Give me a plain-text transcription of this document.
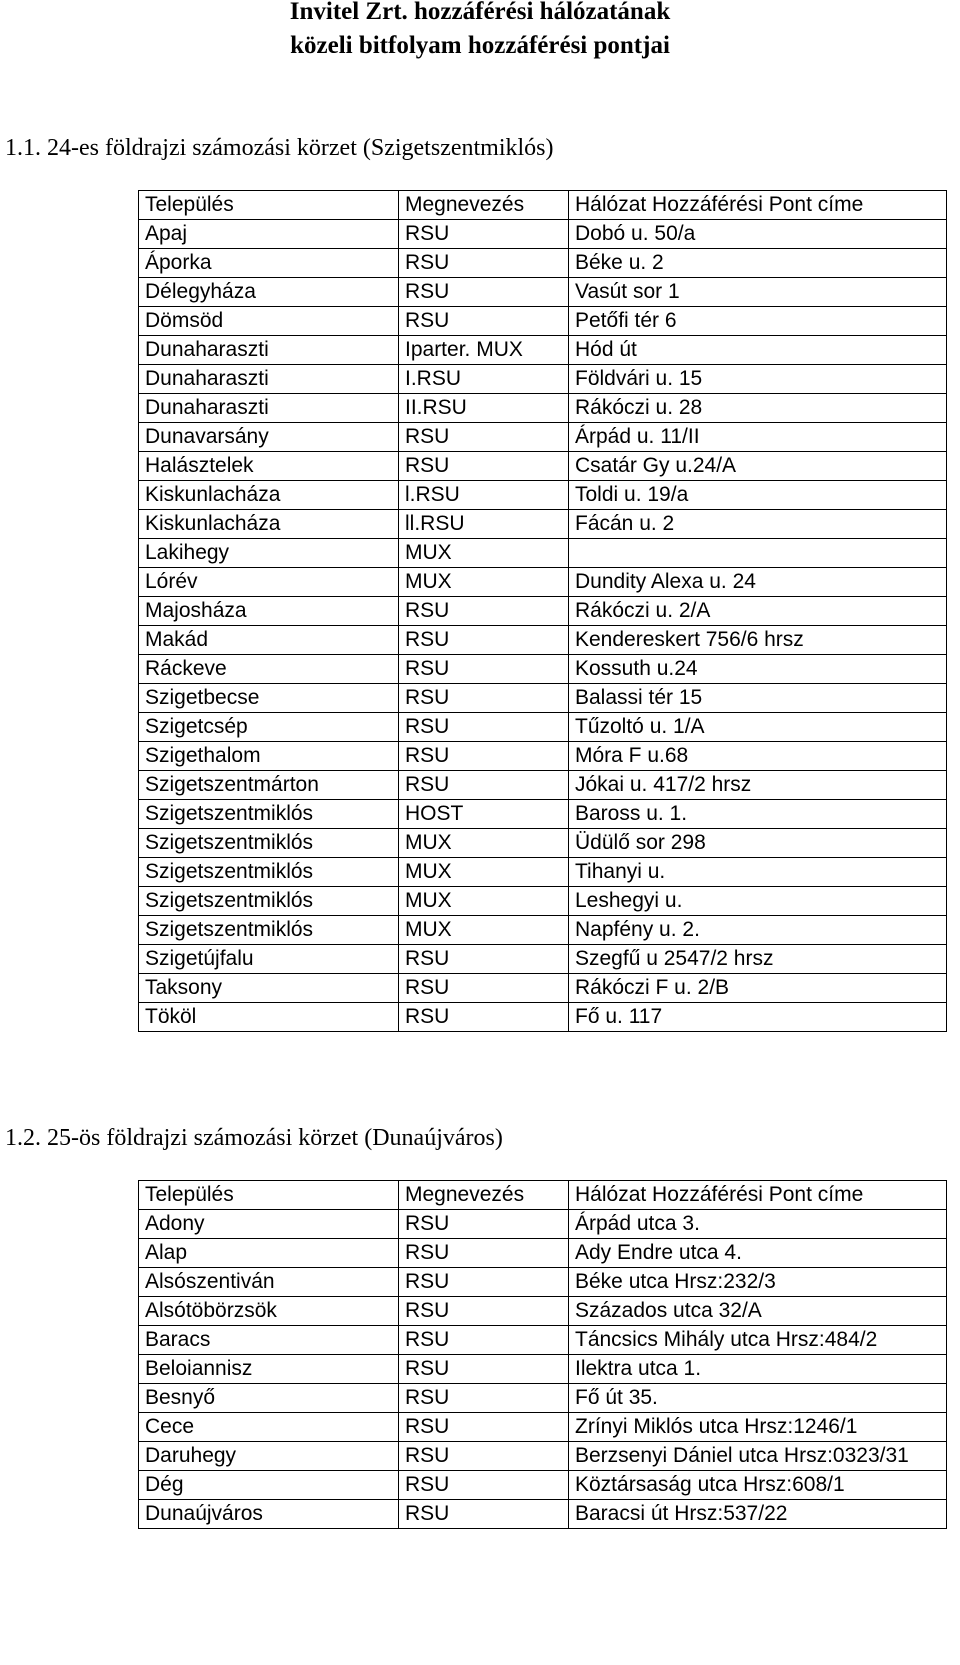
Invitel Zrt. hozzáférési hálózatának
közeli bitfolyam hozzáférési pontjai
1.1. 24-es földrajzi számozási körzet (Szigetszentmiklós)
Település	Megnevezés	Hálózat Hozzáférési Pont címe
Apaj	RSU	Dobó u. 50/a
Áporka	RSU	Béke u. 2
Délegyháza	RSU	Vasút sor 1
Dömsöd	RSU	Petőfi tér 6
Dunaharaszti	Iparter. MUX	Hód út
Dunaharaszti	I.RSU	Földvári u. 15
Dunaharaszti	II.RSU	Rákóczi u. 28
Dunavarsány	RSU	Árpád u. 11/II
Halásztelek	RSU	Csatár Gy u.24/A
Kiskunlacháza	l.RSU	Toldi u. 19/a
Kiskunlacháza	ll.RSU	Fácán u. 2
Lakihegy	MUX	
Lórév	MUX	Dundity Alexa u. 24
Majosháza	RSU	Rákóczi u. 2/A
Makád	RSU	Kendereskert 756/6 hrsz
Ráckeve	RSU	Kossuth u.24
Szigetbecse	RSU	Balassi tér 15
Szigetcsép	RSU	Tűzoltó u. 1/A
Szigethalom	RSU	Móra F u.68
Szigetszentmárton	RSU	Jókai u. 417/2 hrsz
Szigetszentmiklós	HOST	Baross u. 1.
Szigetszentmiklós	MUX	Üdülő sor 298
Szigetszentmiklós	MUX	Tihanyi u.
Szigetszentmiklós	MUX	Leshegyi u.
Szigetszentmiklós	MUX	Napfény u. 2.
Szigetújfalu	RSU	Szegfű u 2547/2 hrsz
Taksony	RSU	Rákóczi F u. 2/B
Tököl	RSU	Fő u. 117
1.2. 25-ös földrajzi számozási körzet (Dunaújváros)
Település	Megnevezés	Hálózat Hozzáférési Pont címe
Adony	RSU	Árpád utca 3.
Alap	RSU	Ady Endre utca 4.
Alsószentiván	RSU	Béke utca Hrsz:232/3
Alsótöbörzsök	RSU	Százados utca 32/A
Baracs	RSU	Táncsics Mihály utca Hrsz:484/2
Beloiannisz	RSU	Ilektra utca 1.
Besnyő	RSU	Fő út 35.
Cece	RSU	Zrínyi Miklós utca Hrsz:1246/1
Daruhegy	RSU	Berzsenyi Dániel utca Hrsz:0323/31
Dég	RSU	Köztársaság utca Hrsz:608/1
Dunaújváros	RSU	Baracsi út Hrsz:537/22
